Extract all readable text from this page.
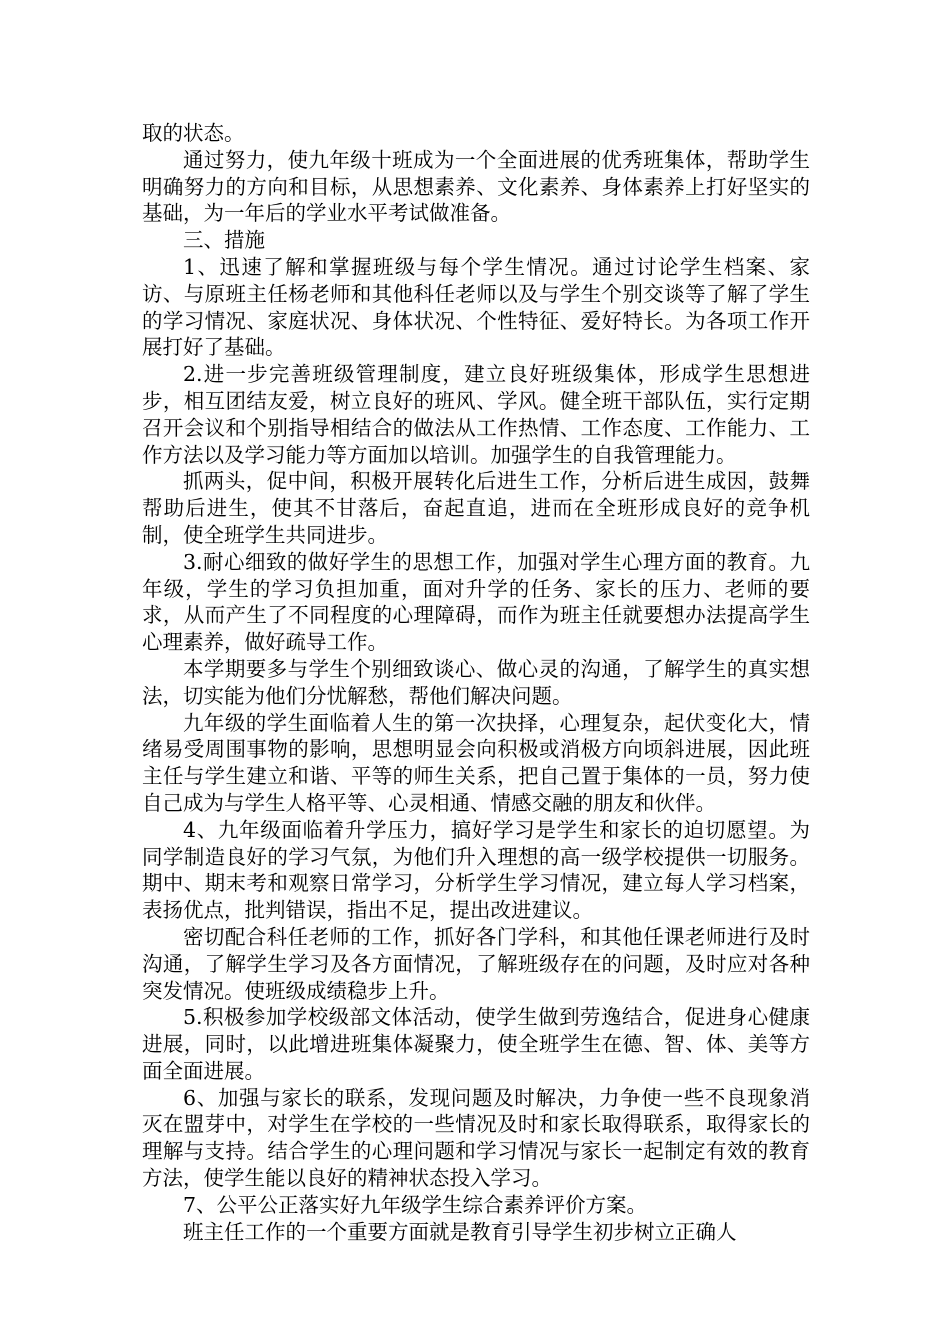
取的状态。

通过努力，使九年级十班成为一个全面进展的优秀班集体，帮助学生明确努力的方向和目标，从思想素养、文化素养、身体素养上打好坚实的基础，为一年后的学业水平考试做准备。

三、措施

1、迅速了解和掌握班级与每个学生情况。通过讨论学生档案、家访、与原班主任杨老师和其他科任老师以及与学生个别交谈等了解了学生的学习情况、家庭状况、身体状况、个性特征、爱好特长。为各项工作开展打好了基础。

2.进一步完善班级管理制度，建立良好班级集体，形成学生思想进步，相互团结友爱，树立良好的班风、学风。健全班干部队伍，实行定期召开会议和个别指导相结合的做法从工作热情、工作态度、工作能力、工作方法以及学习能力等方面加以培训。加强学生的自我管理能力。

抓两头，促中间，积极开展转化后进生工作，分析后进生成因，鼓舞帮助后进生，使其不甘落后，奋起直追，进而在全班形成良好的竞争机制，使全班学生共同进步。

3.耐心细致的做好学生的思想工作，加强对学生心理方面的教育。九年级，学生的学习负担加重，面对升学的任务、家长的压力、老师的要求，从而产生了不同程度的心理障碍，而作为班主任就要想办法提高学生心理素养，做好疏导工作。

本学期要多与学生个别细致谈心、做心灵的沟通，了解学生的真实想法，切实能为他们分忧解愁，帮他们解决问题。

九年级的学生面临着人生的第一次抉择，心理复杂，起伏变化大，情绪易受周围事物的影响，思想明显会向积极或消极方向顷斜进展，因此班主任与学生建立和谐、平等的师生关系，把自己置于集体的一员，努力使自己成为与学生人格平等、心灵相通、情感交融的朋友和伙伴。

4、九年级面临着升学压力，搞好学习是学生和家长的迫切愿望。为同学制造良好的学习气氛，为他们升入理想的高一级学校提供一切服务。期中、期末考和观察日常学习，分析学生学习情况，建立每人学习档案，表扬优点，批判错误，指出不足，提出改进建议。

密切配合科任老师的工作，抓好各门学科，和其他任课老师进行及时沟通，了解学生学习及各方面情况，了解班级存在的问题，及时应对各种突发情况。使班级成绩稳步上升。

5.积极参加学校级部文体活动，使学生做到劳逸结合，促进身心健康进展，同时，以此增进班集体凝聚力，使全班学生在德、智、体、美等方面全面进展。

6、加强与家长的联系，发现问题及时解决，力争使一些不良现象消灭在盟芽中，对学生在学校的一些情况及时和家长取得联系，取得家长的理解与支持。结合学生的心理问题和学习情况与家长一起制定有效的教育方法，使学生能以良好的精神状态投入学习。

7、公平公正落实好九年级学生综合素养评价方案。

班主任工作的一个重要方面就是教育引导学生初步树立正确人
